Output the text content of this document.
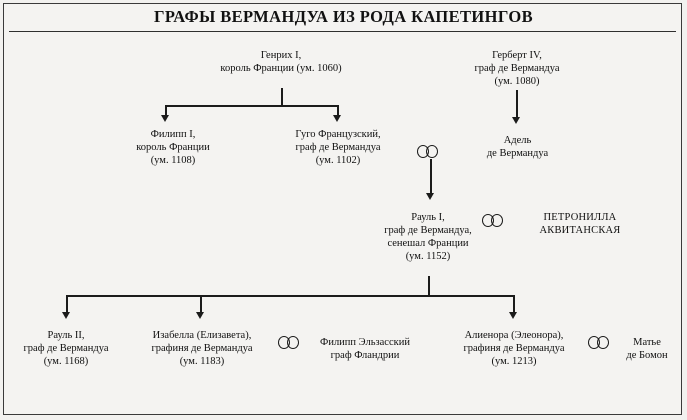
ГРАФЫ ВЕРМАНДУА ИЗ РОДА КАПЕТИНГОВ
Генрих I,
король Франции (ум. 1060)
Герберт IV,
граф де Вермандуа
(ум. 1080)
Филипп I,
король Франции
(ум. 1108)
Гуго Французский,
граф де Вермандуа
(ум. 1102)
Адель
де Вермандуа
Рауль I,
граф де Вермандуа,
сенешал Франции
(ум. 1152)
ПЕТРОНИЛЛА
АКВИТАНСКАЯ
Рауль II,
граф де Вермандуа
(ум. 1168)
Изабелла (Елизавета),
графиня де Вермандуа
(ум. 1183)
Филипп Эльзасский
граф Фландрии
Алиенора (Элеонора),
графиня де Вермандуа
(ум. 1213)
Матье
де Бомон
